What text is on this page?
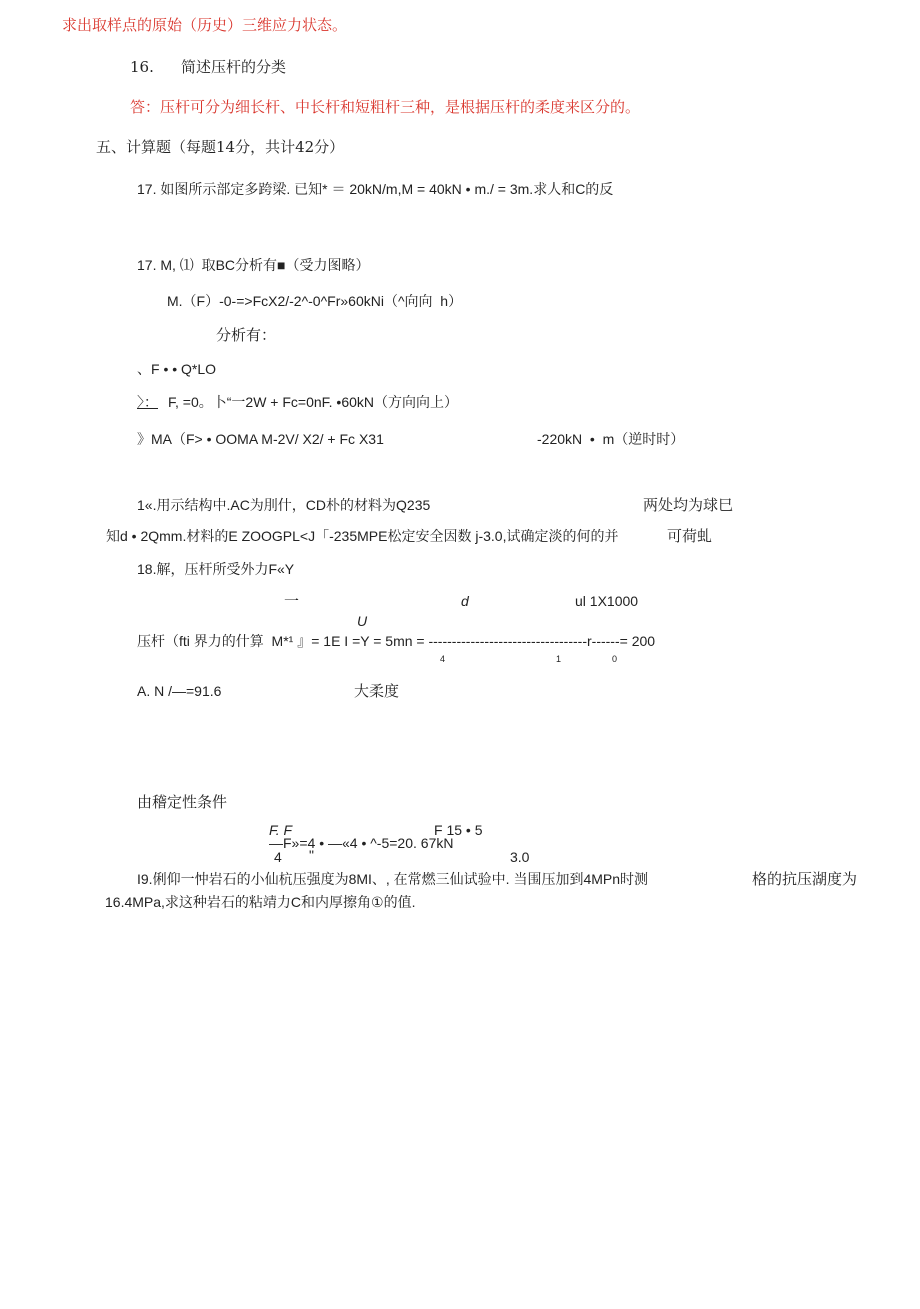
求出取样点的原始（历史）三维应力状态。
16. 简述压杆的分类
答：压杆可分为细长杆、中长杆和短粗杆三种，是根据压杆的柔度来区分的。
五、计算题（每题14分，共计42分）
17. 如图所示部定多跨梁. 已知* ＝ 20kN/m,M = 40kN • m./ = 3m.求人和C的反
17. M, ⑴  取BC分析有■（受力图略）
M.（F）-0-=>FcX2/-2^-0^Fr»60kNi（^向向  h）
分析有：
、F • • Q*LO
〉： F, =0。卜“一2W + Fc=0nF. •60kN（方向向上）
》MA（F> • OOMA M-2V/ X2/ + Fc X31	-220kN  •  m（逆时时）
1«.用示结构中.AC为刖什，CD朴的材料为Q235	两处均为球巳
知d • 2Qmm.材料的E ZOOGPL<J「-235MPE松定安全因数 j-3.0,试确定淡的何的并	可荷虬
18.解，压杆所受外力F«Y
一	d	ul 1X1000
U
压杆（fti 界力的什算  M*¹ 』= 1E I =Y = 5mn = ----------------------------------r------= 200
4	1	0
A. N /—=91.6	大柔度
由稽定性条件
F. F	F 15 • 5
—F»=4 • —«4 • ^-5=20. 67kN
4 "	3.0
I9.俐仰一忡岩石的小仙杭压强度为8MI、, 在常燃三仙试验中. 当围压加到4MPn时测	格的抗压湖度为
16.4MPa,求这种岩石的粘靖力C和内厚擦角①的值.
